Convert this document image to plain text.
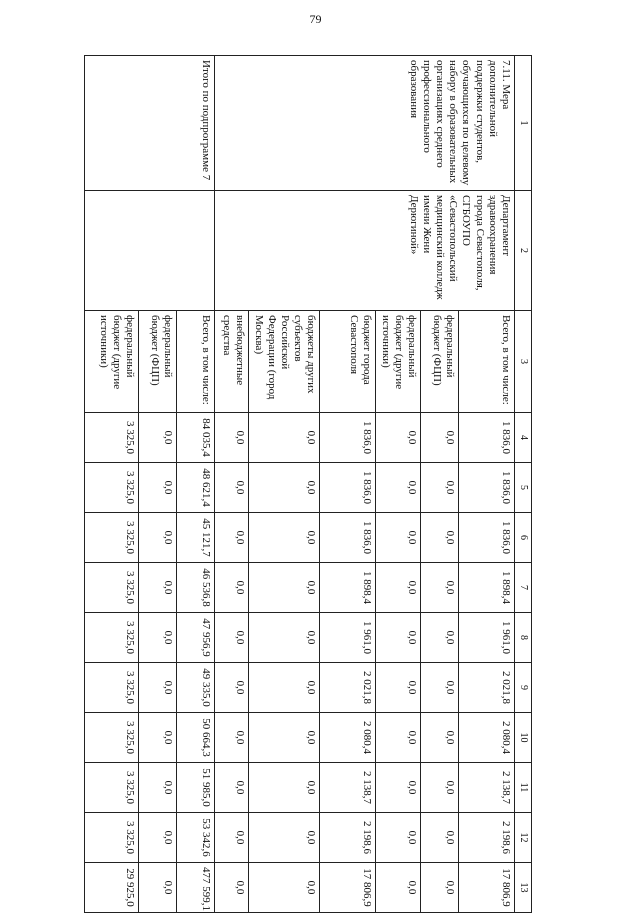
79
1	2	3	4	5	6	7	8	9	10	11	12	13
7.11. Мера дополнительной поддержки студентов, обучающихся по целевому набору в образовательных организациях среднего профессионального образования	Департамент здравоохранения города Севастополя, СГБОУПО «Севастопольский медицинский колледж имени Жени Дерюгиной»	Всего, в том числе:	1 836,0	1 836,0	1 836,0	1 898,4	1 961,0	2 021,8	2 080,4	2 138,7	2 198,6	17 806,9
		федеральный бюджет (ФЦП)	0,0	0,0	0,0	0,0	0,0	0,0	0,0	0,0	0,0	0,0
		федеральный бюджет (другие источники)	0,0	0,0	0,0	0,0	0,0	0,0	0,0	0,0	0,0	0,0
		бюджет города Севастополя	1 836,0	1 836,0	1 836,0	1 898,4	1 961,0	2 021,8	2 080,4	2 138,7	2 198,6	17 806,9
		бюджеты других субъектов Российской Федерации (город Москва)	0,0	0,0	0,0	0,0	0,0	0,0	0,0	0,0	0,0	0,0
		внебюджетные средства	0,0	0,0	0,0	0,0	0,0	0,0	0,0	0,0	0,0	0,0
Итого по подпрограмме 7		Всего, в том числе:	84 035,4	48 621,4	45 121,7	46 536,8	47 956,9	49 335,0	50 664,3	51 985,0	53 342,6	477 599,1
		федеральный бюджет (ФЦП)	0,0	0,0	0,0	0,0	0,0	0,0	0,0	0,0	0,0	0,0
		федеральный бюджет (другие источники)	3 325,0	3 325,0	3 325,0	3 325,0	3 325,0	3 325,0	3 325,0	3 325,0	3 325,0	29 925,0
